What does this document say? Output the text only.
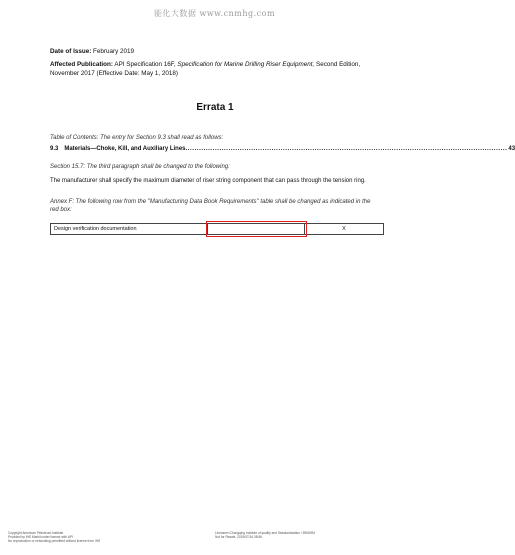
能化大数据 www.cnmhg.com

Date of Issue: February 2019

Affected Publication: API Specification 16F, Specification for Marine Drilling Riser Equipment, Second Edition, November 2017 (Effective Date: May 1, 2018)

Errata 1

Table of Contents: The entry for Section 9.3 shall read as follows:

9.3 Materials—Choke, Kill, and Auxiliary Lines .............................................................................................................................................. 43

Section 15.7: The third paragraph shall be changed to the following:

The manufacturer shall specify the maximum diameter of riser string component that can pass through the tension ring.

Annex F: The following row from the "Manufacturing Data Book Requirements" table shall be changed as indicated in the red box:

Design verification documentation		X
Copyright American Petroleum Institute
Provided by IHS Markit under license with API
No reproduction or networking permitted without license from IHS
Licensee=Chongqing Institute of quality and Standardization / 5966094
Not for Resale, 2019/07/16 08:56
